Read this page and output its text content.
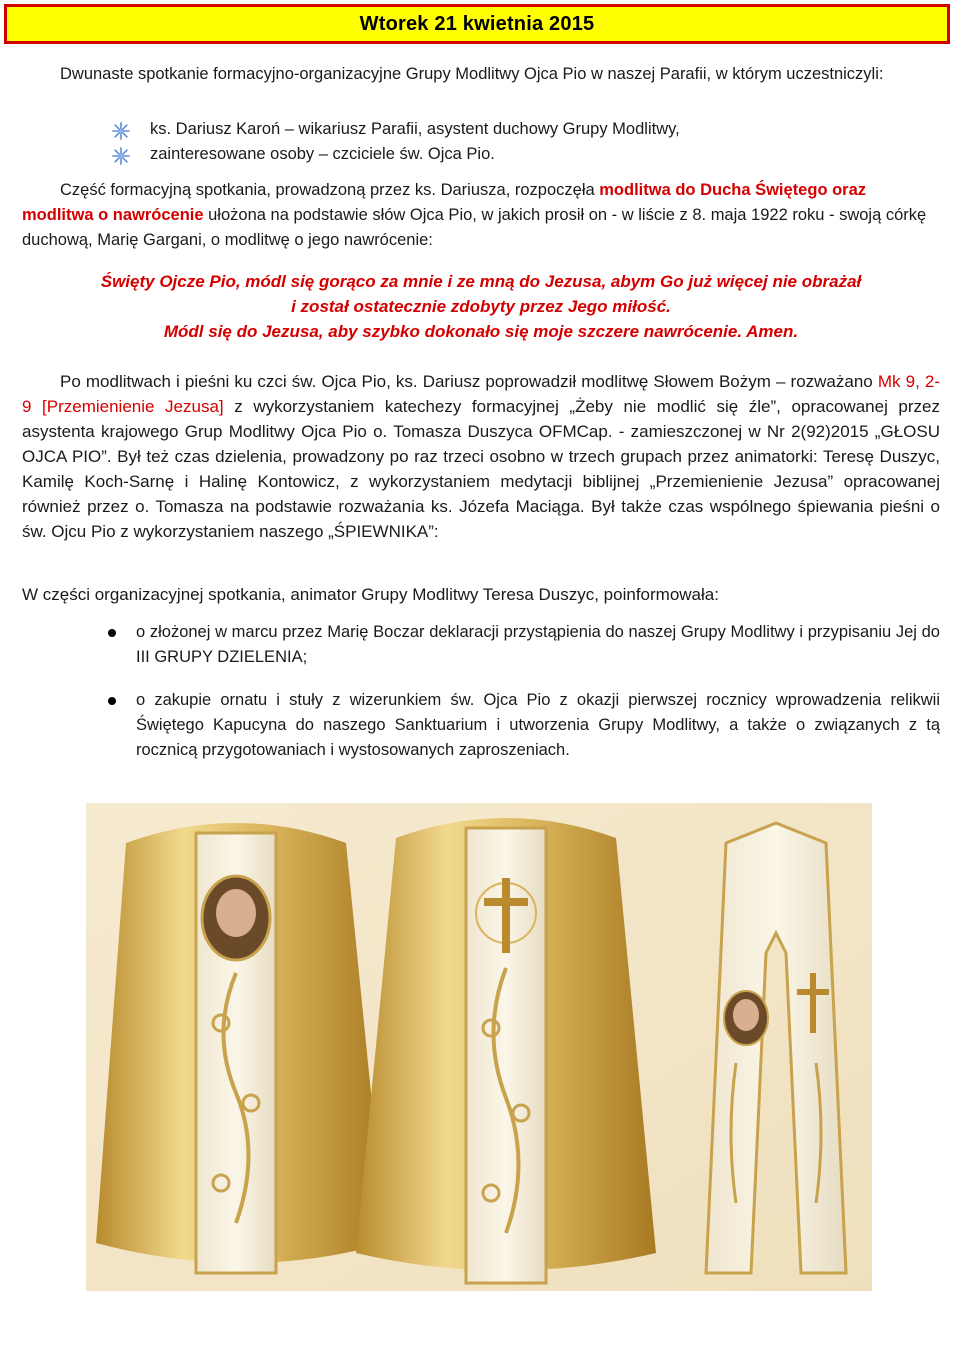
Wtorek 21 kwietnia 2015
Dwunaste spotkanie formacyjno-organizacyjne Grupy Modlitwy Ojca Pio w naszej Parafii, w którym uczestniczyli:
ks. Dariusz Karoń – wikariusz Parafii, asystent duchowy Grupy Modlitwy,
zainteresowane osoby – czciciele św. Ojca Pio.
Część formacyjną spotkania, prowadzoną przez ks. Dariusza, rozpoczęła modlitwa do Ducha Świętego oraz modlitwa o nawrócenie ułożona na podstawie słów Ojca Pio, w jakich prosił on - w liście z 8. maja 1922 roku - swoją córkę duchową, Marię Gargani, o modlitwę o jego nawrócenie:
Święty Ojcze Pio, módl się gorąco za mnie i ze mną do Jezusa, abym Go już więcej nie obrażał
i został ostatecznie zdobyty przez Jego miłość.
Módl się do Jezusa, aby szybko dokonało się moje szczere nawrócenie. Amen.
Po modlitwach i pieśni ku czci św. Ojca Pio, ks. Dariusz poprowadził modlitwę Słowem Bożym – rozważano Mk 9, 2-9 [Przemienienie Jezusa] z wykorzystaniem katechezy formacyjnej „Żeby nie modlić się źle”, opracowanej przez asystenta krajowego Grup Modlitwy Ojca Pio o. Tomasza Duszyca OFMCap. - zamieszczonej w Nr 2(92)2015 „GŁOSU OJCA PIO”. Był też czas dzielenia, prowadzony po raz trzeci osobno w trzech grupach przez animatorki: Teresę Duszyc, Kamilę Koch-Sarnę i Halinę Kontowicz, z wykorzystaniem medytacji biblijnej „Przemienienie Jezusa” opracowanej również przez o. Tomasza na podstawie rozważania ks. Józefa Maciąga. Był także czas wspólnego śpiewania pieśni o św. Ojcu Pio z wykorzystaniem naszego „ŚPIEWNIKA”:
W części organizacyjnej spotkania, animator Grupy Modlitwy Teresa Duszyc, poinformowała:
o złożonej w marcu przez Marię Boczar deklaracji przystąpienia do naszej Grupy Modlitwy i przypisaniu Jej do III GRUPY DZIELENIA;
o zakupie ornatu i stuły z wizerunkiem św. Ojca Pio z okazji pierwszej rocznicy wprowadzenia relikwii Świętego Kapucyna do naszego Sanktuarium i utworzenia Grupy Modlitwy, a także o związanych z tą rocznicą przygotowaniach i wystosowanych zaproszeniach.
